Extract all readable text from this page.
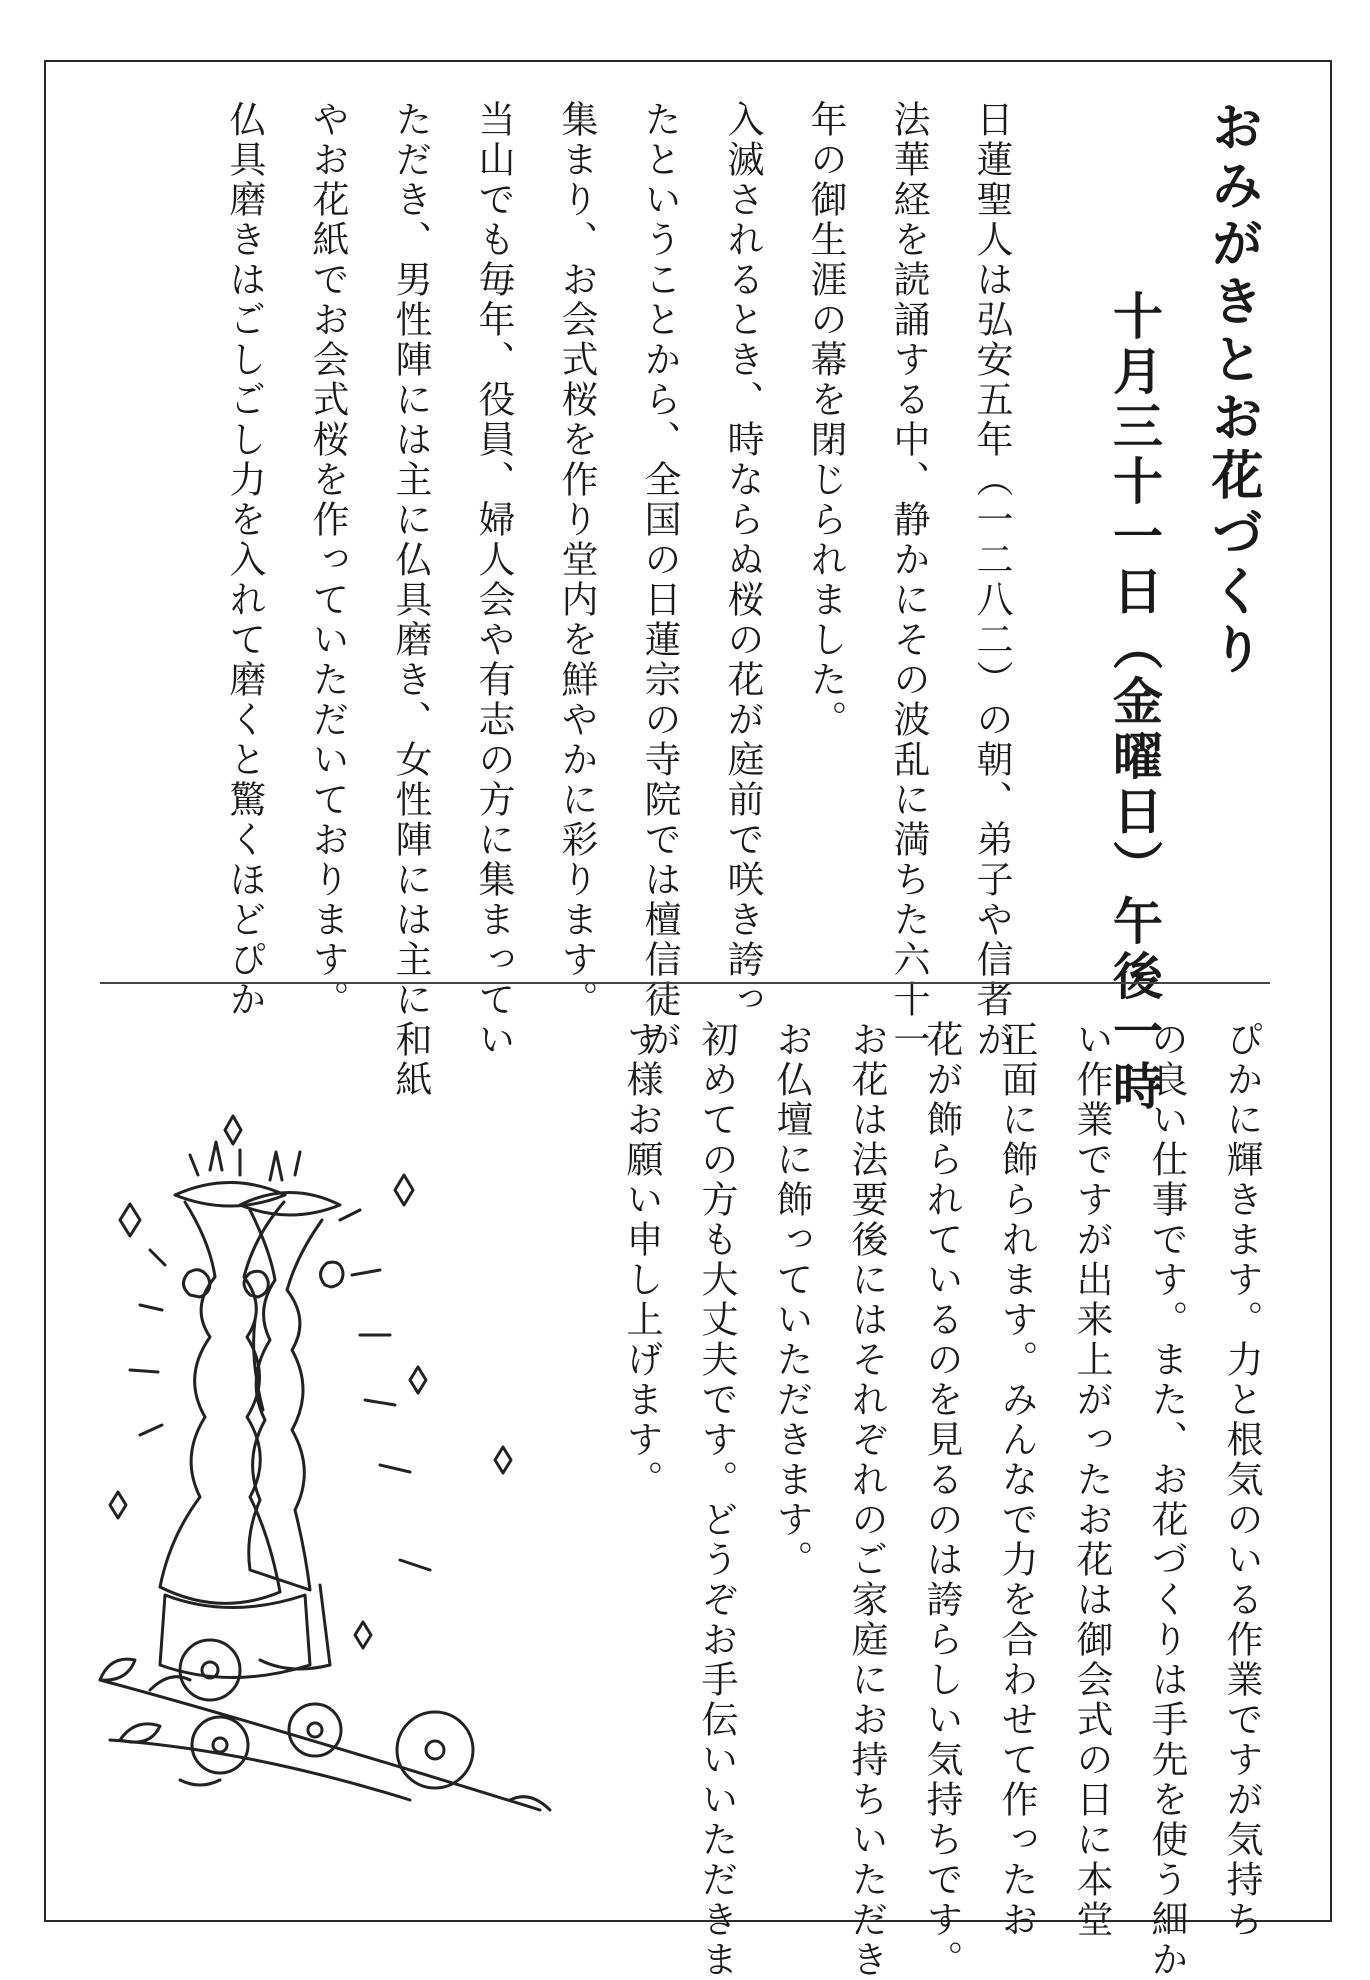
おみがきとお花づくり
十月三十一日（金曜日）午後一時
日蓮聖人は弘安五年（一二八二）の朝、弟子や信者が
法華経を読誦する中、静かにその波乱に満ちた六十一
年の御生涯の幕を閉じられました。
入滅されるとき、時ならぬ桜の花が庭前で咲き誇っ
たということから、全国の日蓮宗の寺院では檀信徒が
集まり、お会式桜を作り堂内を鮮やかに彩ります。
当山でも毎年、役員、婦人会や有志の方に集まってい
ただき、男性陣には主に仏具磨き、女性陣には主に和紙
やお花紙でお会式桜を作っていただいております。
仏具磨きはごしごし力を入れて磨くと驚くほどぴか
ぴかに輝きます。力と根気のいる作業ですが気持ち
の良い仕事です。また、お花づくりは手先を使う細か
い作業ですが出来上がったお花は御会式の日に本堂
正面に飾られます。みんなで力を合わせて作ったお
花が飾られているのを見るのは誇らしい気持ちです。
お花は法要後にはそれぞれのご家庭にお持ちいただき
お仏壇に飾っていただきます。
初めての方も大丈夫です。どうぞお手伝いいただきま
す様お願い申し上げます。
